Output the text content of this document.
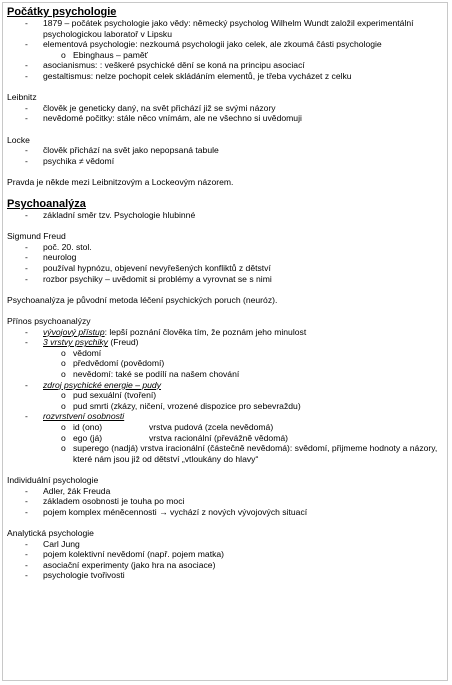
Počátky psychologie
-	1879 – počátek psychologie jako vědy: německý psycholog Wilhelm Wundt založil experimentální psychologickou laboratoř v Lipsku
-	elementová psychologie: nezkoumá psychologii jako celek, ale zkoumá části psychologie
o Ebinghaus – paměť
-	asocianismus: : veškeré psychické dění se koná na principu asociací
-	gestaltismus: nelze pochopit celek skládáním elementů, je třeba vycházet z celku
Leibnitz
-	člověk je geneticky daný, na svět přichází již se svými názory
-	nevědomé počitky: stále něco vnímám, ale ne všechno si uvědomuji
Locke
-	člověk přichází na svět jako nepopsaná tabule
-	psychika ≠ vědomí
Pravda je někde mezi Leibnitzovým a Lockeovým názorem.
Psychoanalýza
-	základní směr tzv. Psychologie hlubinné
Sigmund Freud
-	poč. 20. stol.
-	neurolog
-	používal hypnózu, objevení nevyřešených konfliktů z dětství
-	rozbor psychiky – uvědomit si problémy a vyrovnat se s nimi
Psychoanalýza je původní metoda léčení psychických poruch (neuróz).
Přínos psychoanalýzy
-	vývojový přístup: lepší poznání člověka tím, že poznám jeho minulost
-	3 vrstvy psychiky (Freud)
o vědomí
o předvědomí (povědomí)
o nevědomí: také se podílí na našem chování
-	zdroj psychické energie – pudy
o pud sexuální (tvoření)
o pud smrti (zkázy, ničení, vrozené dispozice pro sebevraždu)
-	rozvrstvení osobnosti
o id (ono)	vrstva pudová (zcela nevědomá)
o ego (já)	vrstva racionální (převážně vědomá)
o superego (nadjá) vrstva iracionální (částečně nevědomá): svědomí, přijmeme hodnoty a názory, které nám jsou již od dětství „vtloukány do hlavy“
Individuální psychologie
-	Adler, žák Freuda
-	základem osobnosti je touha po moci
-	pojem komplex méněcennosti → vychází z nových vývojových situací
Analytická psychologie
-	Carl Jung
-	pojem kolektivní nevědomí (např. pojem matka)
-	asociační experimenty (jako hra na asociace)
-	psychologie tvořivosti
